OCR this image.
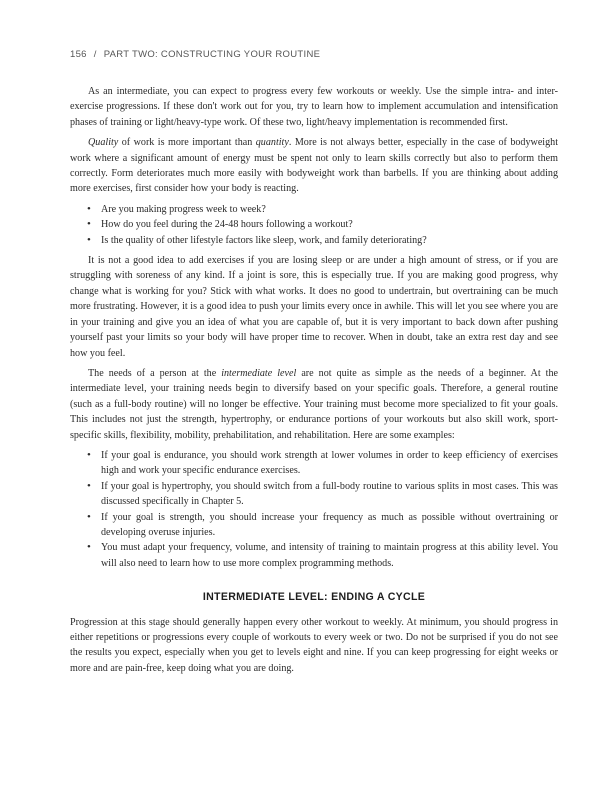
156 / PART TWO: CONSTRUCTING YOUR ROUTINE

As an intermediate, you can expect to progress every few workouts or weekly. Use the simple intra- and inter-exercise progressions. If these don't work out for you, try to learn how to implement accumulation and intensification phases of training or light/heavy-type work. Of these two, light/heavy implementation is recommended first.

Quality of work is more important than quantity. More is not always better, especially in the case of bodyweight work where a significant amount of energy must be spent not only to learn skills correctly but also to perform them correctly. Form deteriorates much more easily with bodyweight work than barbells. If you are thinking about adding more exercises, first consider how your body is reacting.

• Are you making progress week to week?
• How do you feel during the 24-48 hours following a workout?
• Is the quality of other lifestyle factors like sleep, work, and family deteriorating?

It is not a good idea to add exercises if you are losing sleep or are under a high amount of stress, or if you are struggling with soreness of any kind. If a joint is sore, this is especially true. If you are making good progress, why change what is working for you? Stick with what works. It does no good to undertrain, but overtraining can be much more frustrating. However, it is a good idea to push your limits every once in awhile. This will let you see where you are in your training and give you an idea of what you are capable of, but it is very important to back down after pushing yourself past your limits so your body will have proper time to recover. When in doubt, take an extra rest day and see how you feel.

The needs of a person at the intermediate level are not quite as simple as the needs of a beginner. At the intermediate level, your training needs begin to diversify based on your specific goals. Therefore, a general routine (such as a full-body routine) will no longer be effective. Your training must become more specialized to fit your goals. This includes not just the strength, hypertrophy, or endurance portions of your workouts but also skill work, sport-specific skills, flexibility, mobility, prehabilitation, and rehabilitation. Here are some examples:

• If your goal is endurance, you should work strength at lower volumes in order to keep efficiency of exercises high and work your specific endurance exercises.
• If your goal is hypertrophy, you should switch from a full-body routine to various splits in most cases. This was discussed specifically in Chapter 5.
• If your goal is strength, you should increase your frequency as much as possible without overtraining or developing overuse injuries.
• You must adapt your frequency, volume, and intensity of training to maintain progress at this ability level. You will also need to learn how to use more complex programming methods.
INTERMEDIATE LEVEL: ENDING A CYCLE

Progression at this stage should generally happen every other workout to weekly. At minimum, you should progress in either repetitions or progressions every couple of workouts to every week or two. Do not be surprised if you do not see the results you expect, especially when you get to levels eight and nine. If you can keep progressing for eight weeks or more and are pain-free, keep doing what you are doing.
